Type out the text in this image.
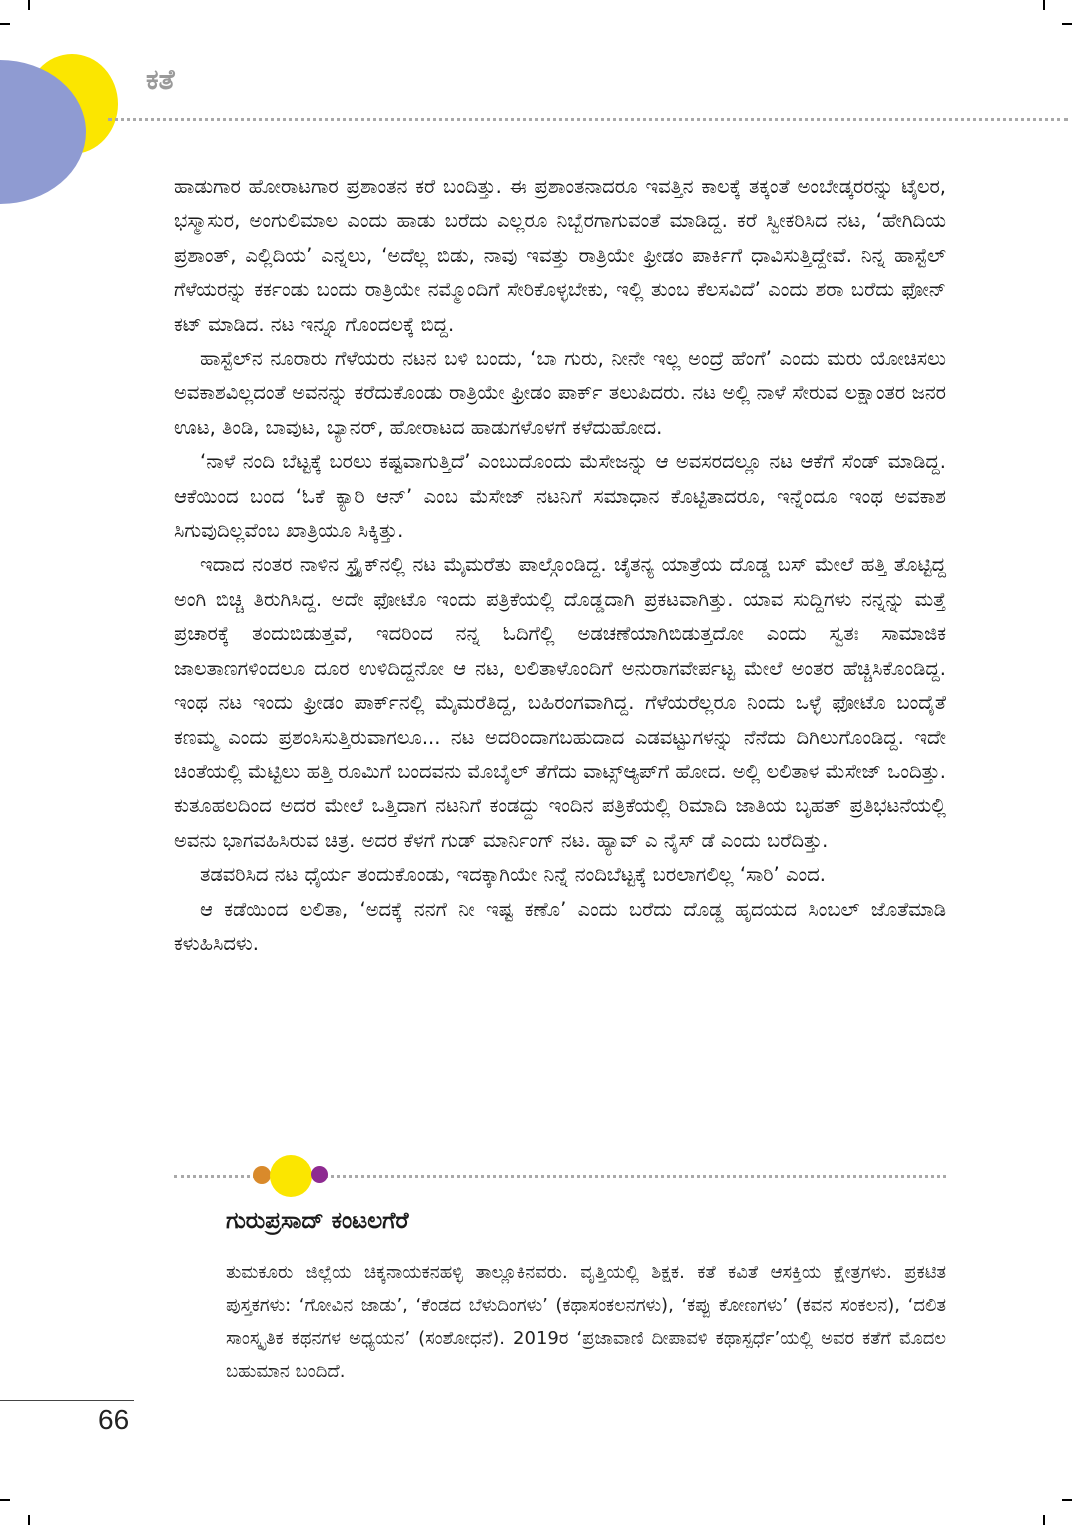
ಕತೆ

ಹಾಡುಗಾರ ಹೋರಾಟಗಾರ ಪ್ರಶಾಂತನ ಕರೆ ಬಂದಿತ್ತು. ಈ ಪ್ರಶಾಂತನಾದರೂ ಇವತ್ತಿನ ಕಾಲಕ್ಕೆ ತಕ್ಕಂತೆ ಅಂಬೇಡ್ಕರರನ್ನು ಟೈಲರ, ಭಸ್ಮಾಸುರ, ಅಂಗುಲಿಮಾಲ ಎಂದು ಹಾಡು ಬರೆದು ಎಲ್ಲರೂ ನಿಬ್ಬೆರಗಾಗುವಂತೆ ಮಾಡಿದ್ದ. ಕರೆ ಸ್ವೀಕರಿಸಿದ ನಟ, ‘ಹೇಗಿದಿಯ ಪ್ರಶಾಂತ್, ಎಲ್ಲಿದಿಯ’ ಎನ್ನಲು, ‘ಅದೆಲ್ಲ ಬಿಡು, ನಾವು ಇವತ್ತು ರಾತ್ರಿಯೇ ಫ್ರೀಡಂ ಪಾರ್ಕಿಗೆ ಧಾವಿಸುತ್ತಿದ್ದೇವೆ. ನಿನ್ನ ಹಾಸ್ಟೆಲ್ ಗೆಳೆಯರನ್ನು ಕರ್ಕಂಡು ಬಂದು ರಾತ್ರಿಯೇ ನಮ್ಮೊಂದಿಗೆ ಸೇರಿಕೊಳ್ಳಬೇಕು, ಇಲ್ಲಿ ತುಂಬ ಕೆಲಸವಿದೆ’ ಎಂದು ಶರಾ ಬರೆದು ಫೋನ್ ಕಟ್ ಮಾಡಿದ. ನಟ ಇನ್ನೂ ಗೊಂದಲಕ್ಕೆ ಬಿದ್ದ.

ಹಾಸ್ಟೆಲ್‌ನ ನೂರಾರು ಗೆಳೆಯರು ನಟನ ಬಳಿ ಬಂದು, ‘ಬಾ ಗುರು, ನೀನೇ ಇಲ್ಲ ಅಂದ್ರೆ ಹೆಂಗೆ’ ಎಂದು ಮರು ಯೋಚಿಸಲು ಅವಕಾಶವಿಲ್ಲದಂತೆ ಅವನನ್ನು ಕರೆದುಕೊಂಡು ರಾತ್ರಿಯೇ ಫ್ರೀಡಂ ಪಾರ್ಕ್ ತಲುಪಿದರು. ನಟ ಅಲ್ಲಿ ನಾಳೆ ಸೇರುವ ಲಕ್ಷಾಂತರ ಜನರ ಊಟ, ತಿಂಡಿ, ಬಾವುಟ, ಬ್ಯಾನರ್, ಹೋರಾಟದ ಹಾಡುಗಳೊಳಗೆ ಕಳೆದುಹೋದ.

‘ನಾಳೆ ನಂದಿ ಬೆಟ್ಟಕ್ಕೆ ಬರಲು ಕಷ್ಟವಾಗುತ್ತಿದೆ’ ಎಂಬುದೊಂದು ಮೆಸೇಜನ್ನು ಆ ಅವಸರದಲ್ಲೂ ನಟ ಆಕೆಗೆ ಸೆಂಡ್ ಮಾಡಿದ್ದ. ಆಕೆಯಿಂದ ಬಂದ ‘ಓಕೆ ಕ್ಯಾರಿ ಆನ್’ ಎಂಬ ಮೆಸೇಜ್ ನಟನಿಗೆ ಸಮಾಧಾನ ಕೊಟ್ಟಿತಾದರೂ, ಇನ್ನೆಂದೂ ಇಂಥ ಅವಕಾಶ ಸಿಗುವುದಿಲ್ಲವೆಂಬ ಖಾತ್ರಿಯೂ ಸಿಕ್ಕಿತ್ತು.

ಇದಾದ ನಂತರ ನಾಳಿನ ಸ್ಟ್ರೈಕ್‌ನಲ್ಲಿ ನಟ ಮೈಮರೆತು ಪಾಲ್ಗೊಂಡಿದ್ದ. ಚೈತನ್ಯ ಯಾತ್ರೆಯ ದೊಡ್ಡ ಬಸ್ ಮೇಲೆ ಹತ್ತಿ ತೊಟ್ಟಿದ್ದ ಅಂಗಿ ಬಿಚ್ಚಿ ತಿರುಗಿಸಿದ್ದ. ಅದೇ ಫೋಟೊ ಇಂದು ಪತ್ರಿಕೆಯಲ್ಲಿ ದೊಡ್ಡದಾಗಿ ಪ್ರಕಟವಾಗಿತ್ತು. ಯಾವ ಸುದ್ದಿಗಳು ನನ್ನನ್ನು ಮತ್ತೆ ಪ್ರಚಾರಕ್ಕೆ ತಂದುಬಿಡುತ್ತವೆ, ಇದರಿಂದ ನನ್ನ ಓದಿಗೆಲ್ಲಿ ಅಡಚಣೆಯಾಗಿಬಿಡುತ್ತದೋ ಎಂದು ಸ್ವತಃ ಸಾಮಾಜಿಕ ಜಾಲತಾಣಗಳಿಂದಲೂ ದೂರ ಉಳಿದಿದ್ದನೋ ಆ ನಟ, ಲಲಿತಾಳೊಂದಿಗೆ ಅನುರಾಗವೇರ್ಪಟ್ಟ ಮೇಲೆ ಅಂತರ ಹೆಚ್ಚಿಸಿಕೊಂಡಿದ್ದ. ಇಂಥ ನಟ ಇಂದು ಫ್ರೀಡಂ ಪಾರ್ಕ್‌ನಲ್ಲಿ ಮೈಮರೆತಿದ್ದ, ಬಹಿರಂಗವಾಗಿದ್ದ. ಗೆಳೆಯರೆಲ್ಲರೂ ನಿಂದು ಒಳ್ಳೆ ಫೋಟೊ ಬಂದೈತೆ ಕಣಮ್ಮ ಎಂದು ಪ್ರಶಂಸಿಸುತ್ತಿರುವಾಗಲೂ... ನಟ ಅದರಿಂದಾಗಬಹುದಾದ ಎಡವಟ್ಟುಗಳನ್ನು ನೆನೆದು ದಿಗಿಲುಗೊಂಡಿದ್ದ. ಇದೇ ಚಿಂತೆಯಲ್ಲಿ ಮೆಟ್ಟಿಲು ಹತ್ತಿ ರೂಮಿಗೆ ಬಂದವನು ಮೊಬೈಲ್ ತೆಗೆದು ವಾಟ್ಸ್‌ಆ್ಯಪ್‌ಗೆ ಹೋದ. ಅಲ್ಲಿ ಲಲಿತಾಳ ಮೆಸೇಜ್ ಒಂದಿತ್ತು. ಕುತೂಹಲದಿಂದ ಅದರ ಮೇಲೆ ಒತ್ತಿದಾಗ ನಟನಿಗೆ ಕಂಡದ್ದು ಇಂದಿನ ಪತ್ರಿಕೆಯಲ್ಲಿ ರಿಮಾದಿ ಜಾತಿಯ ಬೃಹತ್ ಪ್ರತಿಭಟನೆಯಲ್ಲಿ ಅವನು ಭಾಗವಹಿಸಿರುವ ಚಿತ್ರ. ಅದರ ಕೆಳಗೆ ಗುಡ್ ಮಾರ್ನಿಂಗ್ ನಟ. ಹ್ಯಾವ್ ಎ ನೈಸ್ ಡೆ ಎಂದು ಬರೆದಿತ್ತು.

ತಡವರಿಸಿದ ನಟ ಧೈರ್ಯ ತಂದುಕೊಂಡು, ಇದಕ್ಕಾಗಿಯೇ ನಿನ್ನೆ ನಂದಿಬೆಟ್ಟಕ್ಕೆ ಬರಲಾಗಲಿಲ್ಲ ‘ಸಾರಿ’ ಎಂದ.

ಆ ಕಡೆಯಿಂದ ಲಲಿತಾ, ‘ಅದಕ್ಕೆ ನನಗೆ ನೀ ಇಷ್ಟ ಕಣೊ’ ಎಂದು ಬರೆದು ದೊಡ್ಡ ಹೃದಯದ ಸಿಂಬಲ್ ಜೊತೆಮಾಡಿ ಕಳುಹಿಸಿದಳು.

ಗುರುಪ್ರಸಾದ್ ಕಂಟಲಗೆರೆ

ತುಮಕೂರು ಜಿಲ್ಲೆಯ ಚಿಕ್ಕನಾಯಕನಹಳ್ಳಿ ತಾಲ್ಲೂಕಿನವರು. ವೃತ್ತಿಯಲ್ಲಿ ಶಿಕ್ಷಕ. ಕತೆ ಕವಿತೆ ಆಸಕ್ತಿಯ ಕ್ಷೇತ್ರಗಳು. ಪ್ರಕಟಿತ ಪುಸ್ತಕಗಳು: ‘ಗೋವಿನ ಜಾಡು’, ‘ಕೆಂಡದ ಬೆಳುದಿಂಗಳು’ (ಕಥಾಸಂಕಲನಗಳು), ‘ಕಪ್ಪು ಕೋಣಗಳು’ (ಕವನ ಸಂಕಲನ), ‘ದಲಿತ ಸಾಂಸ್ಕೃತಿಕ ಕಥನಗಳ ಅಧ್ಯಯನ’ (ಸಂಶೋಧನೆ). 2019ರ ‘ಪ್ರಜಾವಾಣಿ ದೀಪಾವಳಿ ಕಥಾಸ್ಪರ್ಧೆ’ಯಲ್ಲಿ ಅವರ ಕತೆಗೆ ಮೊದಲ ಬಹುಮಾನ ಬಂದಿದೆ.

66
